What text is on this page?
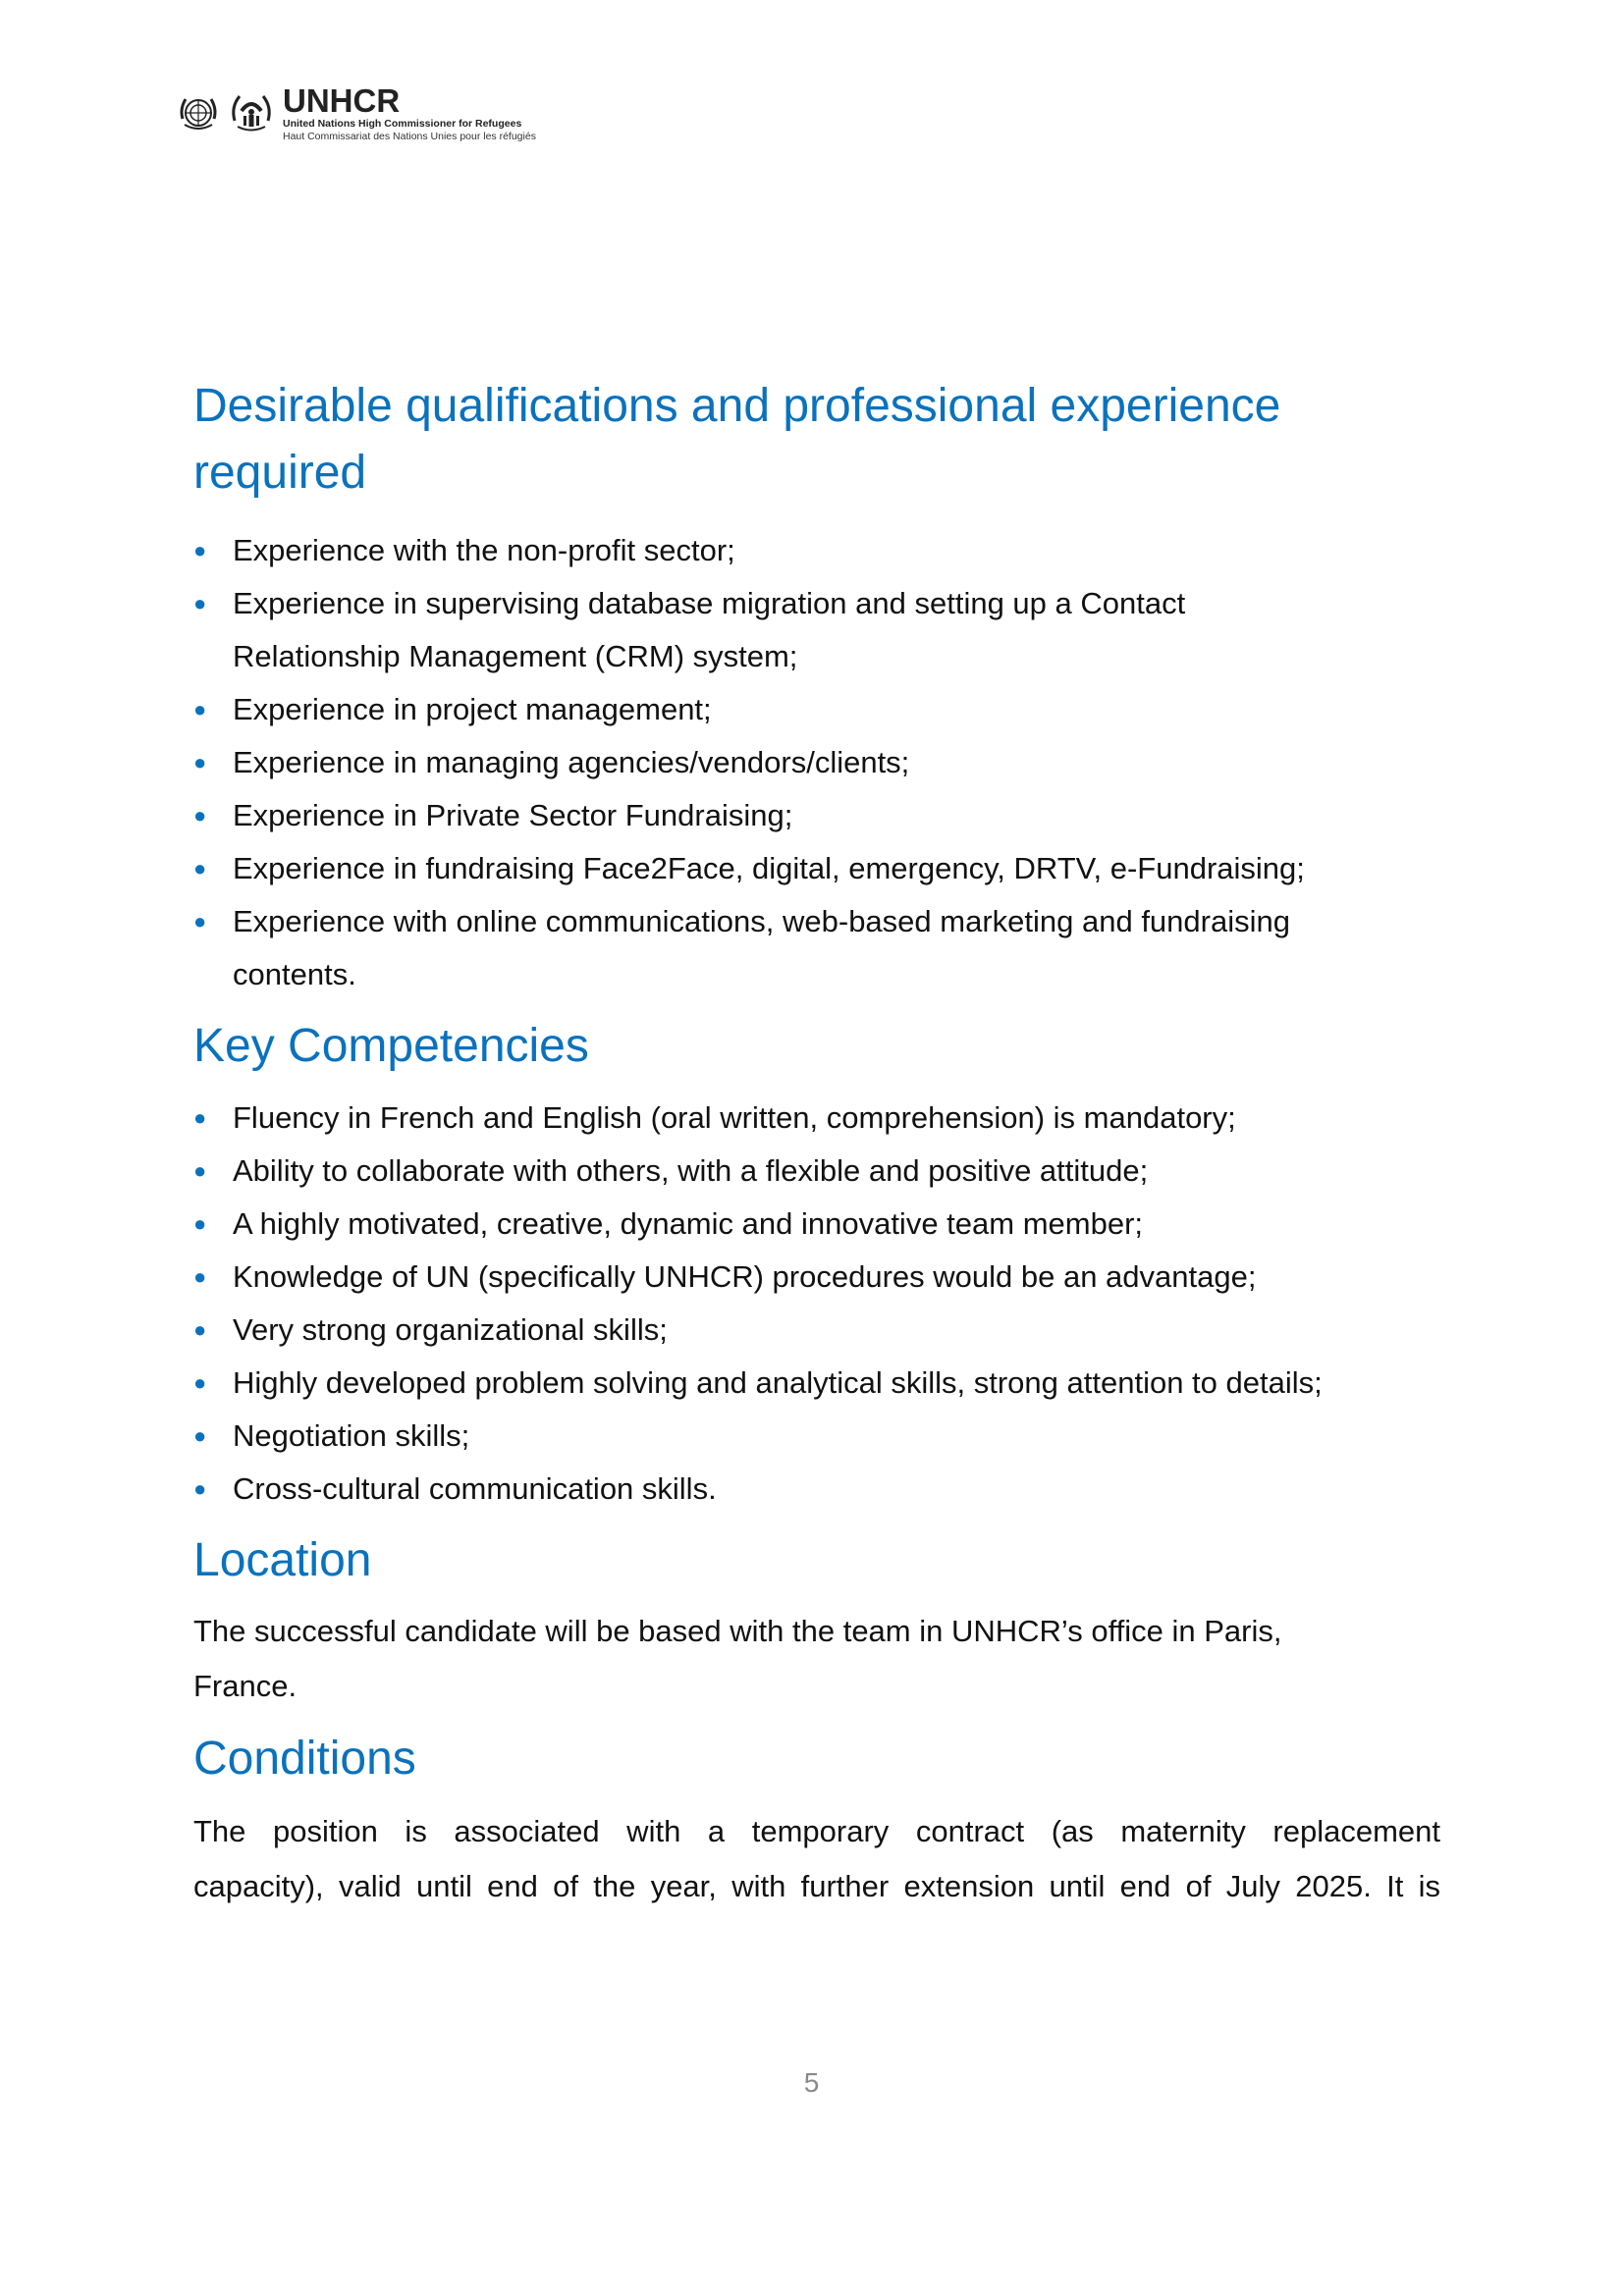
UNHCR
United Nations High Commissioner for Refugees
Haut Commissariat des Nations Unies pour les réfugiés
Desirable qualifications and professional experience
required
● Experience with the non-profit sector;
● Experience in supervising database migration and setting up a Contact
Relationship Management (CRM) system;
● Experience in project management;
● Experience in managing agencies/vendors/clients;
● Experience in Private Sector Fundraising;
● Experience in fundraising Face2Face, digital, emergency, DRTV, e-Fundraising;
● Experience with online communications, web-based marketing and fundraising
contents.
Key Competencies
● Fluency in French and English (oral written, comprehension) is mandatory;
● Ability to collaborate with others, with a flexible and positive attitude;
● A highly motivated, creative, dynamic and innovative team member;
● Knowledge of UN (specifically UNHCR) procedures would be an advantage;
● Very strong organizational skills;
● Highly developed problem solving and analytical skills, strong attention to details;
● Negotiation skills;
● Cross-cultural communication skills.
Location

The successful candidate will be based with the team in UNHCR’s office in Paris,
France.

Conditions

The position is associated with a temporary contract (as maternity replacement

capacity), valid until end of the year, with further extension until end of July 2025. It is

5
